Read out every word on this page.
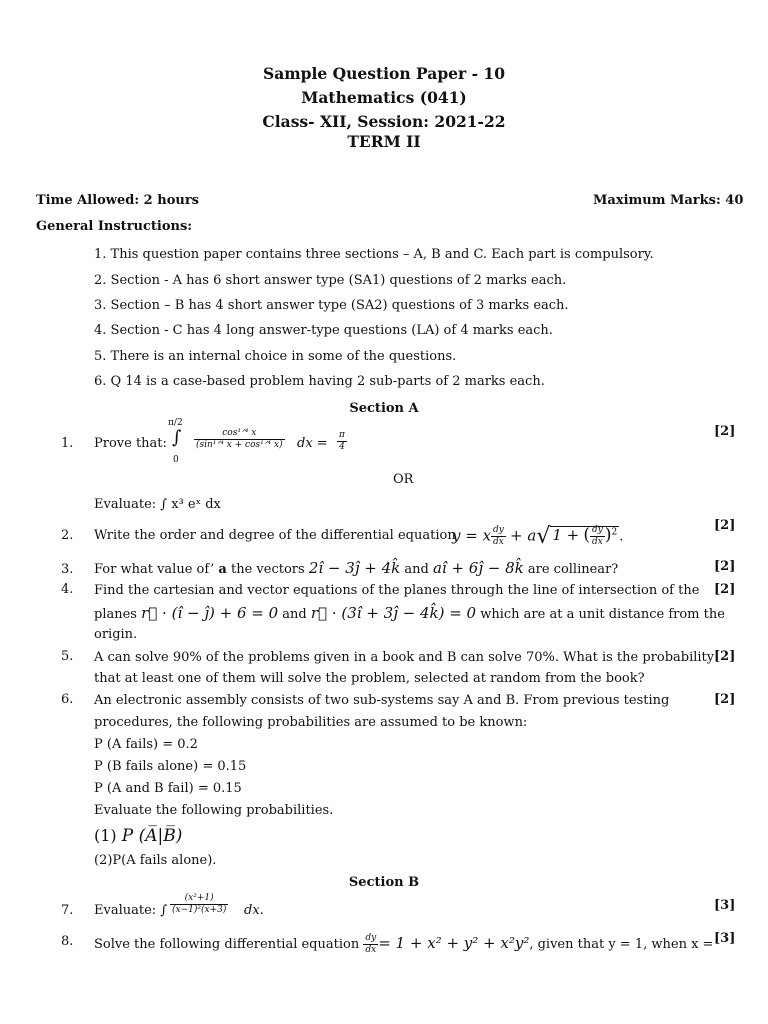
Sample Question Paper - 10
Mathematics (041)
Class- XII, Session: 2021-22
TERM II
Time Allowed: 2 hours	Maximum Marks: 40
General Instructions:
1. This question paper contains three sections – A, B and C. Each part is compulsory.
2. Section - A has 6 short answer type (SA1) questions of 2 marks each.
3. Section – B has 4 short answer type (SA2) questions of 3 marks each.
4. Section - C has 4 long answer-type questions (LA) of 4 marks each.
5. There is an internal choice in some of the questions.
6. Q 14 is a case-based problem having 2 sub-parts of 2 marks each.
Section A
1.
[2]
Prove that:
π/2
∫
0
$\frac{\text{cos¹ᐟ⁴ x}}{\text{(sin¹ᐟ⁴ x + cos¹ᐟ⁴ x)}}$ dx = $\frac{\pi}{4}$
OR
Evaluate: ∫ x³ eˣ dx
2.
[2]
Write the order and degree of the differential equation
y = x $\frac{dy}{dx} + a√$ 1 + ( $\frac{dy}{dx} )^2$ .
3.	[2]
For what value of’ a the vectors 2î − 3ĵ + 4k̂ and aî + 6ĵ − 8k̂ are collinear?
4.	[2]
Find the cartesian and vector equations of the planes through the line of intersection of the
planes r⃗ · (î − ĵ) + 6 = 0 and r⃗ · (3î + 3ĵ − 4k̂) = 0 which are at a unit distance from the
origin.
5.	[2]
A can solve 90% of the problems given in a book and B can solve 70%. What is the probability
that at least one of them will solve the problem, selected at random from the book?
6.	[2]
An electronic assembly consists of two sub-systems say A and B. From previous testing
procedures, the following probabilities are assumed to be known:
P (A fails) = 0.2
P (B fails alone) = 0.15
P (A and B fail) = 0.15
Evaluate the following probabilities.
(1) P (A̅|B̅)
(2)P(A fails alone).
Section B
7.	[3]
Evaluate: ∫ $\frac{\text{(x²+1)}}{\text{(x−1)²(x+3)}}$ dx.
8.	[3]
Solve the following differential equation $\frac{dy}{dx} = 1 + x^2 + y^2 + x^2y^2$, given that y = 1, when x =
